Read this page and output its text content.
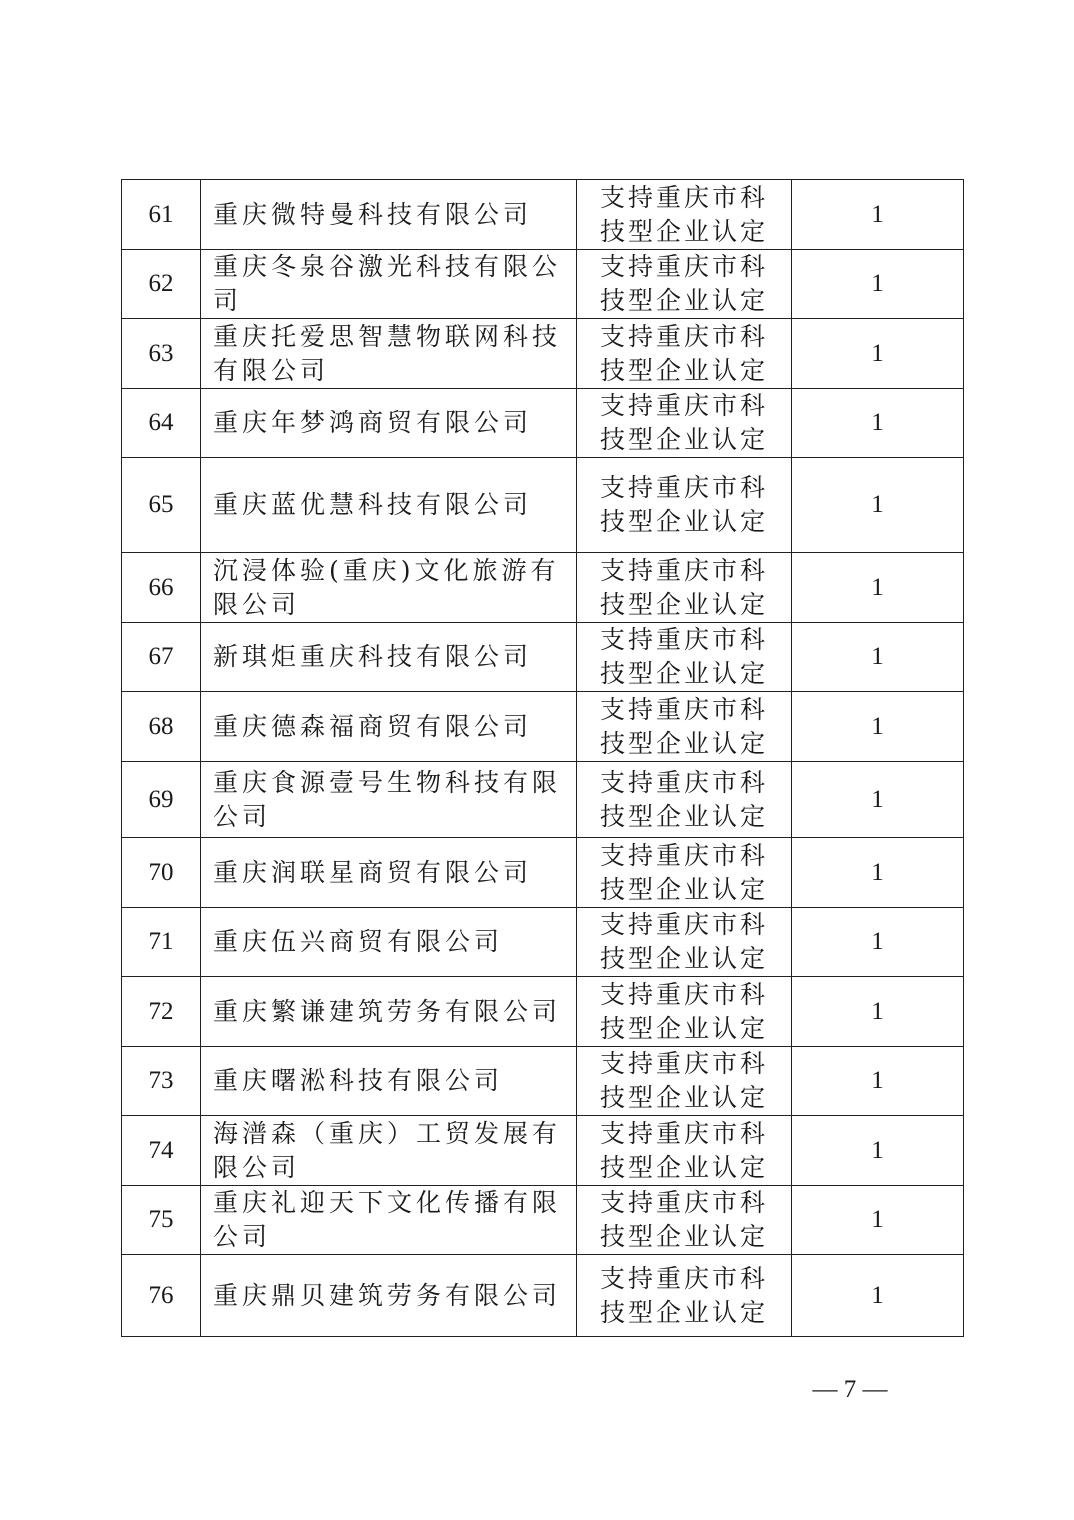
61	重庆微特曼科技有限公司	支持重庆市科
技型企业认定	1
62	重庆冬泉谷激光科技有限公司	支持重庆市科
技型企业认定	1
63	重庆托爱思智慧物联网科技有限公司	支持重庆市科
技型企业认定	1
64	重庆年梦鸿商贸有限公司	支持重庆市科
技型企业认定	1
65	重庆蓝优慧科技有限公司	支持重庆市科
技型企业认定	1
66	沉浸体验(重庆)文化旅游有限公司	支持重庆市科
技型企业认定	1
67	新琪炬重庆科技有限公司	支持重庆市科
技型企业认定	1
68	重庆德森福商贸有限公司	支持重庆市科
技型企业认定	1
69	重庆食源壹号生物科技有限公司	支持重庆市科
技型企业认定	1
70	重庆润联星商贸有限公司	支持重庆市科
技型企业认定	1
71	重庆伍兴商贸有限公司	支持重庆市科
技型企业认定	1
72	重庆繁谦建筑劳务有限公司	支持重庆市科
技型企业认定	1
73	重庆曙淞科技有限公司	支持重庆市科
技型企业认定	1
74	海潽森（重庆）工贸发展有限公司	支持重庆市科
技型企业认定	1
75	重庆礼迎天下文化传播有限公司	支持重庆市科
技型企业认定	1
76	重庆鼎贝建筑劳务有限公司	支持重庆市科
技型企业认定	1
— 7 —
